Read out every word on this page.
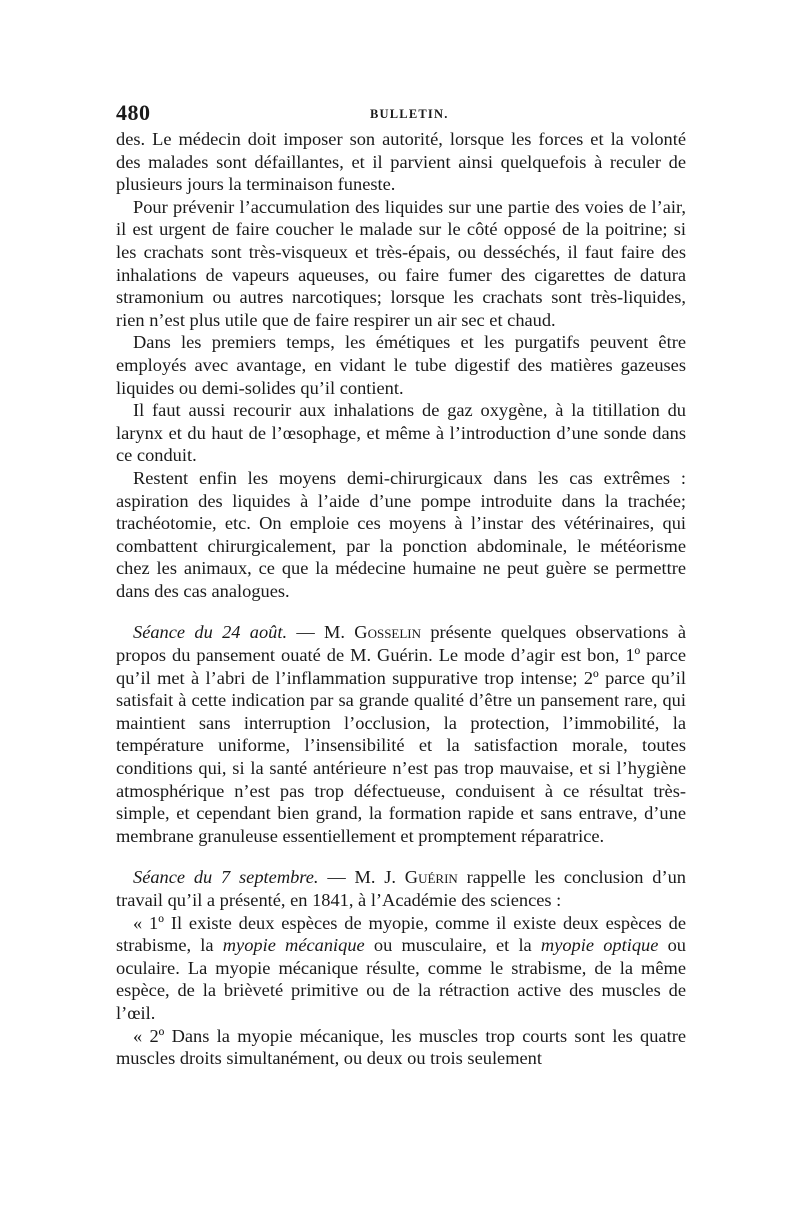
480	BULLETIN.

des. Le médecin doit imposer son autorité, lorsque les forces et la volonté des malades sont défaillantes, et il parvient ainsi quelquefois à reculer de plusieurs jours la terminaison funeste.

Pour prévenir l’accumulation des liquides sur une partie des voies de l’air, il est urgent de faire coucher le malade sur le côté opposé de la poitrine; si les crachats sont très-visqueux et très-épais, ou desséchés, il faut faire des inhalations de vapeurs aqueuses, ou faire fumer des cigarettes de datura stramonium ou autres narcotiques; lorsque les crachats sont très-liquides, rien n’est plus utile que de faire respirer un air sec et chaud.

Dans les premiers temps, les émétiques et les purgatifs peuvent être employés avec avantage, en vidant le tube digestif des matières gazeuses liquides ou demi-solides qu’il contient.

Il faut aussi recourir aux inhalations de gaz oxygène, à la titillation du larynx et du haut de l’œsophage, et même à l’introduction d’une sonde dans ce conduit.

Restent enfin les moyens demi-chirurgicaux dans les cas extrêmes : aspiration des liquides à l’aide d’une pompe introduite dans la trachée; trachéotomie, etc. On emploie ces moyens à l’instar des vétérinaires, qui combattent chirurgicalement, par la ponction abdominale, le météorisme chez les animaux, ce que la médecine humaine ne peut guère se permettre dans des cas analogues.

Séance du 24 août. — M. Gosselin présente quelques observations à propos du pansement ouaté de M. Guérin. Le mode d’agir est bon, 1º parce qu’il met à l’abri de l’inflammation suppurative trop intense; 2º parce qu’il satisfait à cette indication par sa grande qualité d’être un pansement rare, qui maintient sans interruption l’occlusion, la protection, l’immobilité, la température uniforme, l’insensibilité et la satisfaction morale, toutes conditions qui, si la santé antérieure n’est pas trop mauvaise, et si l’hygiène atmosphérique n’est pas trop défectueuse, conduisent à ce résultat très-simple, et cependant bien grand, la formation rapide et sans entrave, d’une membrane granuleuse essentiellement et promptement réparatrice.

Séance du 7 septembre. — M. J. Guérin rappelle les conclusion d’un travail qu’il a présenté, en 1841, à l’Académie des sciences :

« 1º Il existe deux espèces de myopie, comme il existe deux espèces de strabisme, la myopie mécanique ou musculaire, et la myopie optique ou oculaire. La myopie mécanique résulte, comme le strabisme, de la même espèce, de la brièveté primitive ou de la rétraction active des muscles de l’œil.

« 2º Dans la myopie mécanique, les muscles trop courts sont les quatre muscles droits simultanément, ou deux ou trois seulement
